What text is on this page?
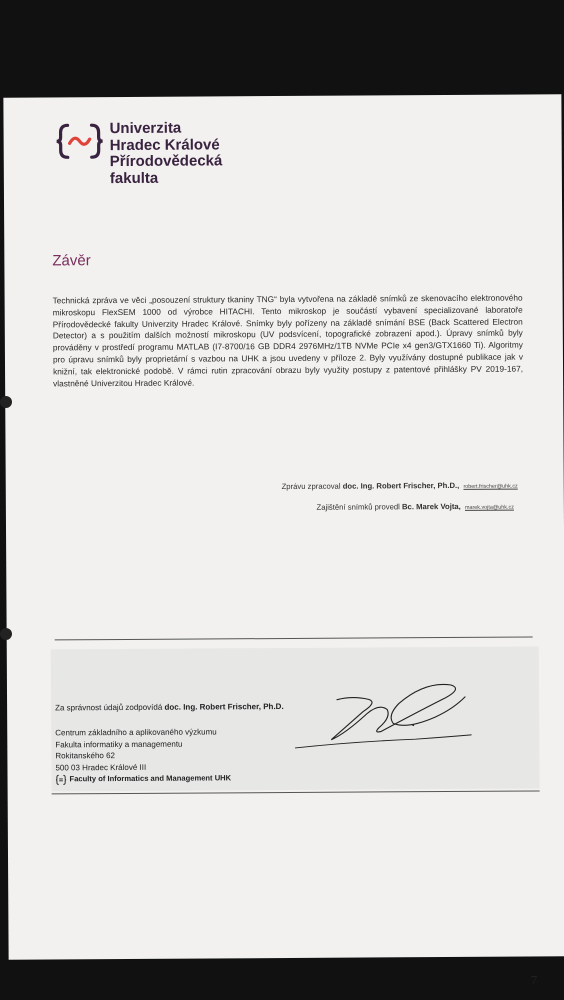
Univerzita
Hradec Králové
Přírodovědecká
fakulta
Závěr
Technická zpráva ve věci „posouzení struktury tkaniny TNG“ byla vytvořena na základě snímků ze skenovacího elektronového mikroskopu FlexSEM 1000 od výrobce HITACHI. Tento mikroskop je součástí vybavení specializované laboratoře Přírodovědecké fakulty Univerzity Hradec Králové. Snímky byly pořízeny na základě snímání BSE (Back Scattered Electron Detector) a s použitím dalších možností mikroskopu (UV podsvícení, topografické zobrazení apod.). Úpravy snímků byly prováděny v prostředí programu MATLAB (I7-8700/16 GB DDR4 2976MHz/1TB NVMe PCIe x4 gen3/GTX1660 Ti). Algoritmy pro úpravu snímků byly proprietární s vazbou na UHK a jsou uvedeny v příloze 2. Byly využívány dostupné publikace jak v knižní, tak elektronické podobě. V rámci rutin zpracování obrazu byly využity postupy z patentové přihlášky PV 2019-167, vlastněné Univerzitou Hradec Králové.
Zprávu zpracoval doc. Ing. Robert Frischer, Ph.D., robert.frischer@uhk.cz
Zajištění snímků provedl Bc. Marek Vojta, marek.vojta@uhk.cz
Za správnost údajů zodpovídá doc. Ing. Robert Frischer, Ph.D.
Centrum základního a aplikovaného výzkumu
Fakulta informatiky a managementu
Rokitanského 62
500 03 Hradec Králové III
Faculty of Informatics and Management UHK
7
